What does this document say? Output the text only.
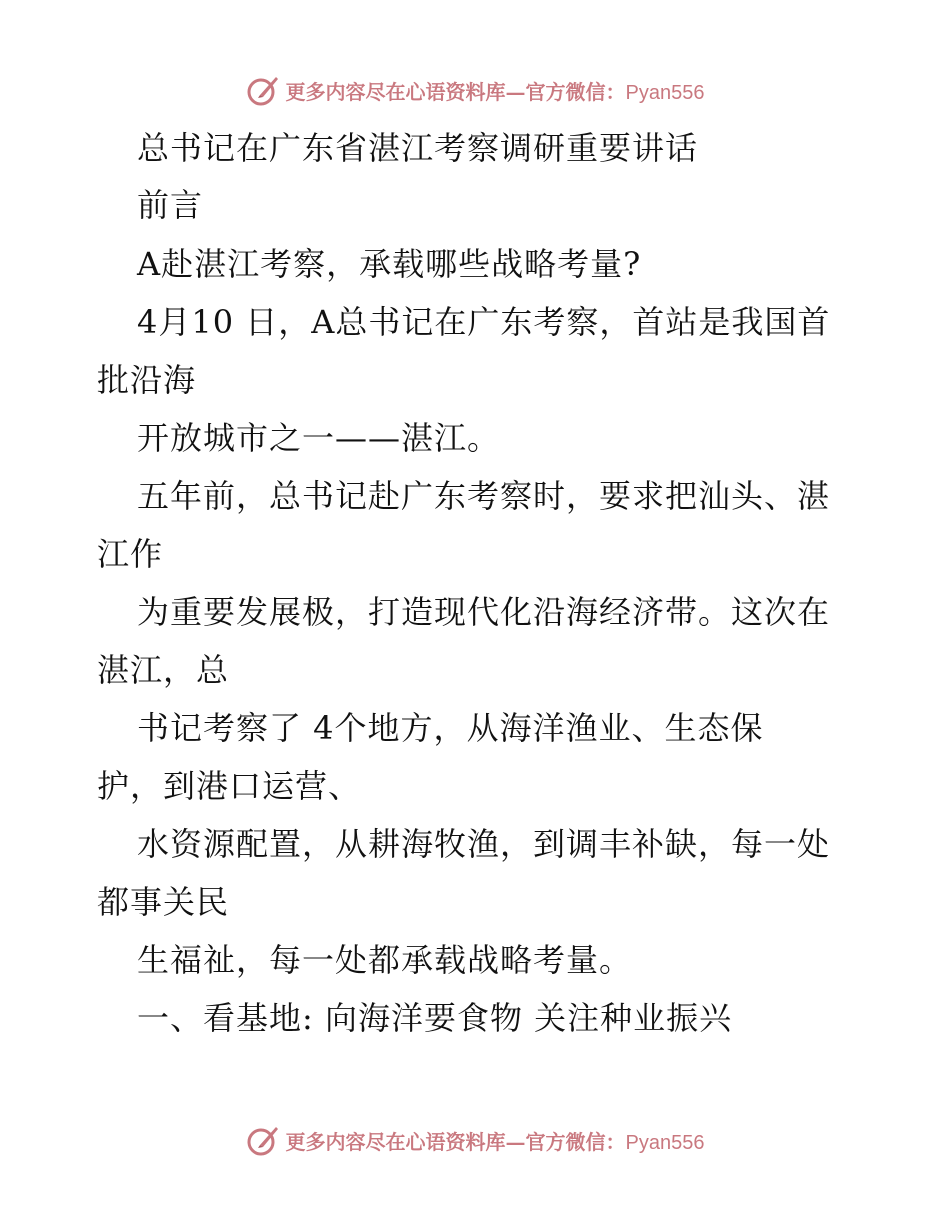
更多内容尽在心语资料库—官方微信：Pyan556
总书记在广东省湛江考察调研重要讲话
前言
A赴湛江考察，承载哪些战略考量?
4月10 日，A总书记在广东考察，首站是我国首
批沿海
开放城市之一——湛江。
五年前，总书记赴广东考察时，要求把汕头、湛
江作
为重要发展极，打造现代化沿海经济带。这次在
湛江，总
书记考察了 4个地方，从海洋渔业、生态保
护，到港口运营、
水资源配置，从耕海牧渔，到调丰补缺，每一处
都事关民
生福祉，每一处都承载战略考量。
一、看基地: 向海洋要食物 关注种业振兴
更多内容尽在心语资料库—官方微信：Pyan556
